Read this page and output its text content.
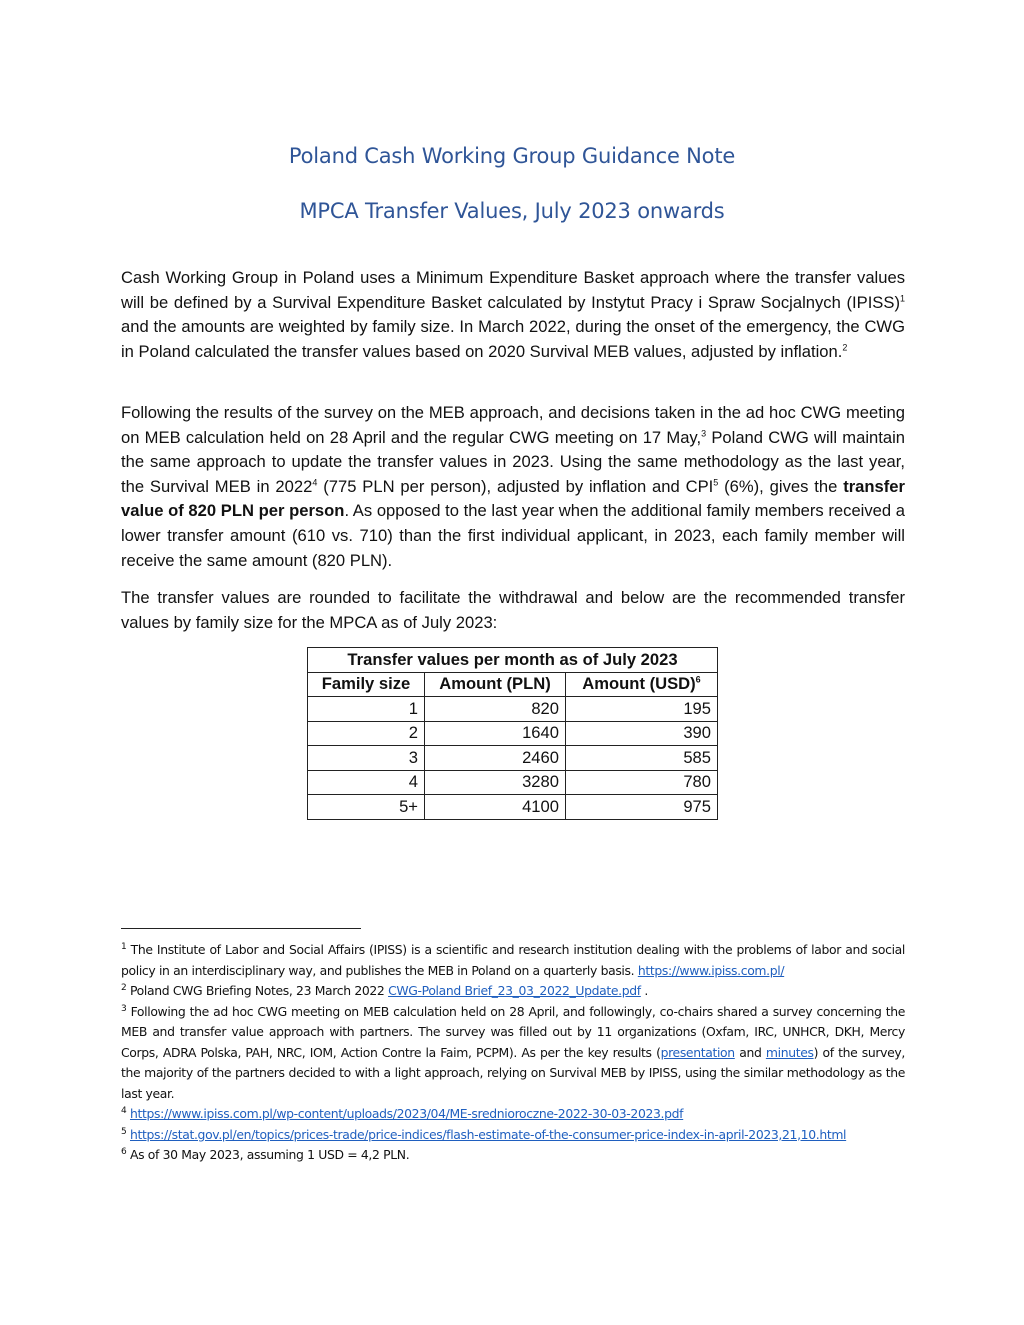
Poland Cash Working Group Guidance Note
MPCA Transfer Values, July 2023 onwards
Cash Working Group in Poland uses a Minimum Expenditure Basket approach where the transfer values will be defined by a Survival Expenditure Basket calculated by Instytut Pracy i Spraw Socjalnych (IPISS)$^1$ and the amounts are weighted by family size. In March 2022, during the onset of the emergency, the CWG in Poland calculated the transfer values based on 2020 Survival MEB values, adjusted by inflation.$^2$
Following the results of the survey on the MEB approach, and decisions taken in the ad hoc CWG meeting on MEB calculation held on 28 April and the regular CWG meeting on 17 May,$^3$ Poland CWG will maintain the same approach to update the transfer values in 2023. Using the same methodology as the last year, the Survival MEB in 2022$^4$ (775 PLN per person), adjusted by inflation and CPI$^5$ (6%), gives the transfer value of 820 PLN per person. As opposed to the last year when the additional family members received a lower transfer amount (610 vs. 710) than the first individual applicant, in 2023, each family member will receive the same amount (820 PLN).
The transfer values are rounded to facilitate the withdrawal and below are the recommended transfer values by family size for the MPCA as of July 2023:
Transfer values per month as of July 2023		
Family size	Amount (PLN)	Amount (USD)$^6$
1	820	195
2	1640	390
3	2460	585
4	3280	780
5+	4100	975

$^1$ The Institute of Labor and Social Affairs (IPISS) is a scientific and research institution dealing with the problems of labor and social policy in an interdisciplinary way, and publishes the MEB in Poland on a quarterly basis. https://www.ipiss.com.pl/

$^2$ Poland CWG Briefing Notes, 23 March 2022 CWG-Poland Brief_23_03_2022_Update.pdf .

$^3$ Following the ad hoc CWG meeting on MEB calculation held on 28 April, and followingly, co-chairs shared a survey concerning the MEB and transfer value approach with partners. The survey was filled out by 11 organizations (Oxfam, IRC, UNHCR, DKH, Mercy Corps, ADRA Polska, PAH, NRC, IOM, Action Contre la Faim, PCPM). As per the key results (presentation and minutes) of the survey, the majority of the partners decided to with a light approach, relying on Survival MEB by IPISS, using the similar methodology as the last year.

$^4$ https://www.ipiss.com.pl/wp-content/uploads/2023/04/ME-srednioroczne-2022-30-03-2023.pdf

$^5$ https://stat.gov.pl/en/topics/prices-trade/price-indices/flash-estimate-of-the-consumer-price-index-in-april-2023,21,10.html

$^6$ As of 30 May 2023, assuming 1 USD = 4,2 PLN.
